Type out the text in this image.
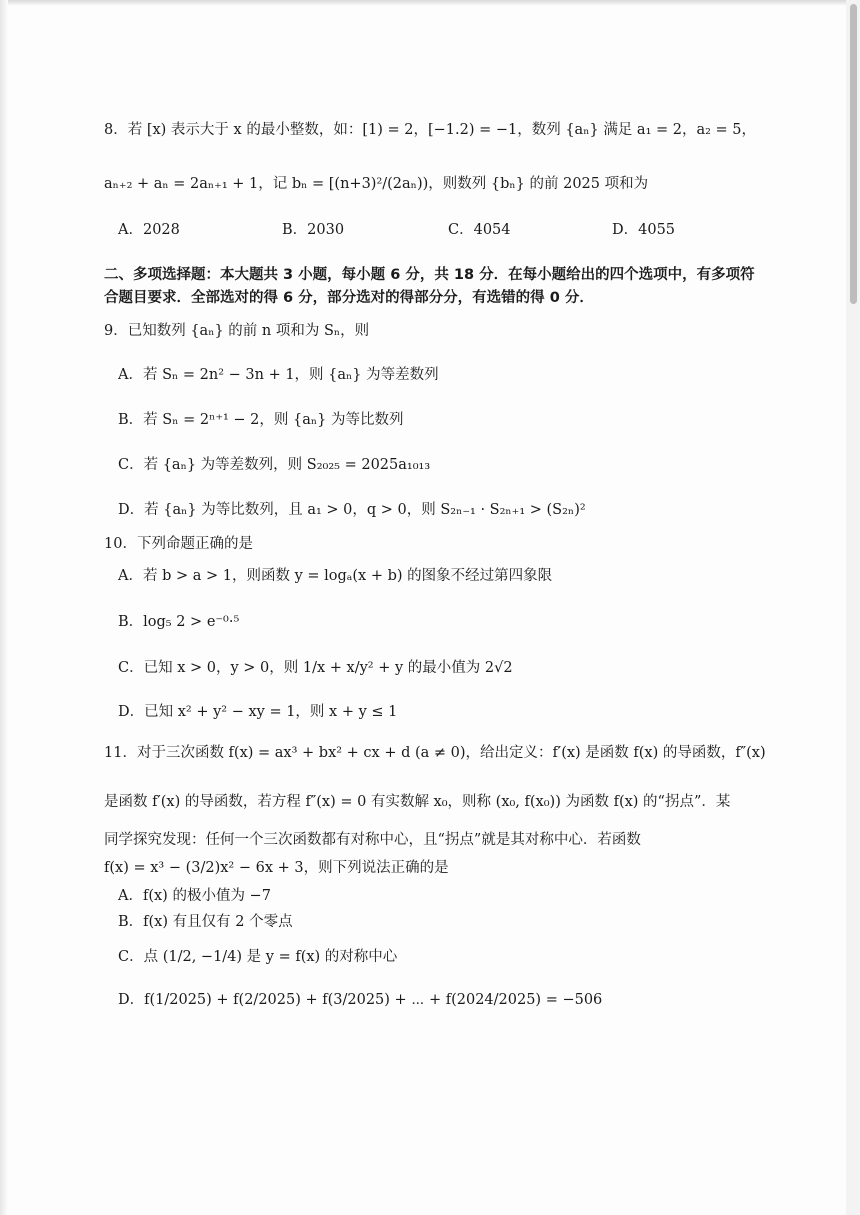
8．若 [x) 表示大于 x 的最小整数，如：[1) = 2，[−1.2) = −1，数列 {aₙ} 满足 a₁ = 2，a₂ = 5，
aₙ₊₂ + aₙ = 2aₙ₊₁ + 1，记 bₙ = [(n+3)²/(2aₙ))，则数列 {bₙ} 的前 2025 项和为
A．2028	B．2030	C．4054	D．4055
二、多项选择题：本大题共 3 小题，每小题 6 分，共 18 分．在每小题给出的四个选项中，有多项符
合题目要求．全部选对的得 6 分，部分选对的得部分分，有选错的得 0 分．
9．已知数列 {aₙ} 的前 n 项和为 Sₙ，则
A．若 Sₙ = 2n² − 3n + 1，则 {aₙ} 为等差数列
B．若 Sₙ = 2ⁿ⁺¹ − 2，则 {aₙ} 为等比数列
C．若 {aₙ} 为等差数列，则 S₂₀₂₅ = 2025a₁₀₁₃
D．若 {aₙ} 为等比数列，且 a₁ > 0，q > 0，则 S₂ₙ₋₁ · S₂ₙ₊₁ > (S₂ₙ)²
10．下列命题正确的是
A．若 b > a > 1，则函数 y = logₐ(x + b) 的图象不经过第四象限
B．log₅ 2 > e⁻⁰·⁵
C．已知 x > 0，y > 0，则 1/x + x/y² + y 的最小值为 2√2
D．已知 x² + y² − xy = 1，则 x + y ≤ 1
11．对于三次函数 f(x) = ax³ + bx² + cx + d (a ≠ 0)，给出定义：f′(x) 是函数 f(x) 的导函数，f″(x)
是函数 f′(x) 的导函数，若方程 f″(x) = 0 有实数解 x₀，则称 (x₀, f(x₀)) 为函数 f(x) 的“拐点”．某
同学探究发现：任何一个三次函数都有对称中心，且“拐点”就是其对称中心．若函数
f(x) = x³ − (3/2)x² − 6x + 3，则下列说法正确的是
A．f(x) 的极小值为 −7
B．f(x) 有且仅有 2 个零点
C．点 (1/2, −1/4) 是 y = f(x) 的对称中心
D．f(1/2025) + f(2/2025) + f(3/2025) + ⋯ + f(2024/2025) = −506
